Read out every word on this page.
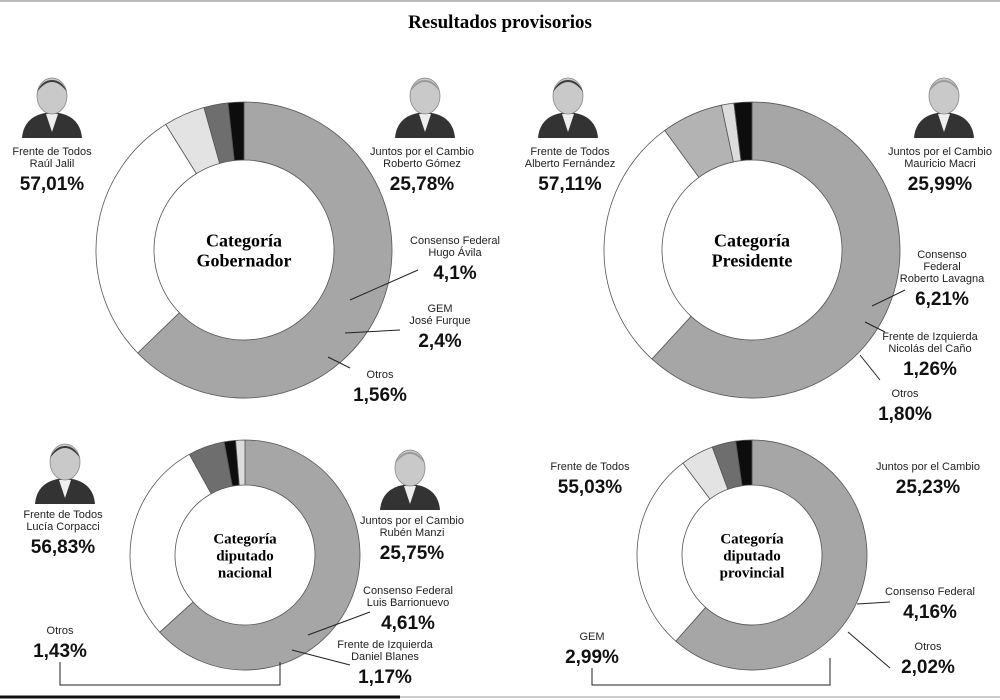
Resultados provisorios
Categoría Gobernador
Frente de Todos
Raúl Jalil
57,01%
Juntos por el Cambio
Roberto Gómez
25,78%
Consenso Federal
Hugo Ávila
4,1%
GEM
José Furque
2,4%
Otros
1,56%
Categoría Presidente
Frente de Todos
Alberto Fernández
57,11%
Juntos por el Cambio
Mauricio Macri
25,99%
Consenso
Federal
Roberto Lavagna
6,21%
Frente de Izquierda
Nicolás del Caño
1,26%
Otros
1,80%
Categoría diputado nacional
Frente de Todos
Lucía Corpacci
56,83%
Juntos por el Cambio
Rubén Manzi
25,75%
Consenso Federal
Luis Barrionuevo
4,61%
Otros
1,43%	Frente de Izquierda
Daniel Blanes
1,17%
Categoría diputado provincial
Frente de Todos
55,03%
Juntos por el Cambio
25,23%
Consenso Federal
4,16%
GEM
2,99%	Otros
2,02%
